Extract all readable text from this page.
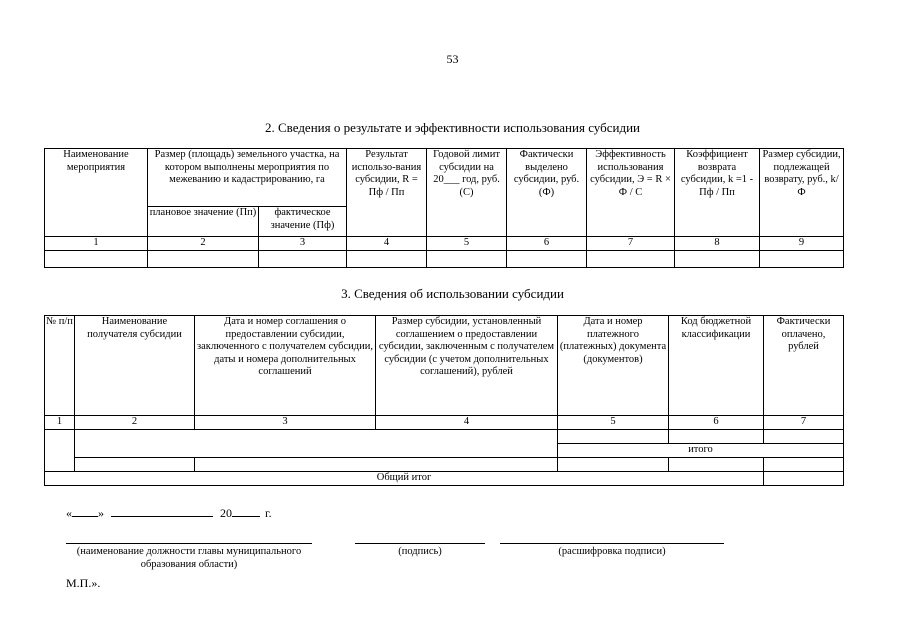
53
2. Сведения о результате и эффективности использования субсидии
Наименование мероприятия	Размер (площадь) земельного участка, на котором выполнены мероприятия по межеванию и кадастрированию, га		Результат использо-вания субсидии, R = Пф / Пп	Годовой лимит субсидии на 20___ год, руб. (С)	Фактически выделено субсидии, руб. (Ф)	Эффективность использования субсидии, Э = R × Ф / С	Коэффициент возврата субсидии, k =1 - Пф / Пп	Размер субсидии, подлежащей возврату, руб., k/ Ф
	плановое значение (Пп)	фактическое значение (Пф)						
1	2	3	4	5	6	7	8	9

3. Сведения об использовании субсидии
№ п/п	Наименование получателя субсидии	Дата и номер соглашения о предоставлении субсидии, заключенного с получателем субсидии, даты и номера дополнительных соглашений	Размер субсидии, установленный соглашением о предоставлении субсидии, заключенным с получателем субсидии (с учетом дополнительных соглашений), рублей	Дата и номер платежного (платежных) документа (документов)	Код бюджетной классификации	Фактически оплачено, рублей
1	2	3	4	5	6	7

				итого		

Общий итог						
« »	20	г.
(наименование должности главы муниципального образования области)
(подпись)	(расшифровка подписи)
М.П.».
